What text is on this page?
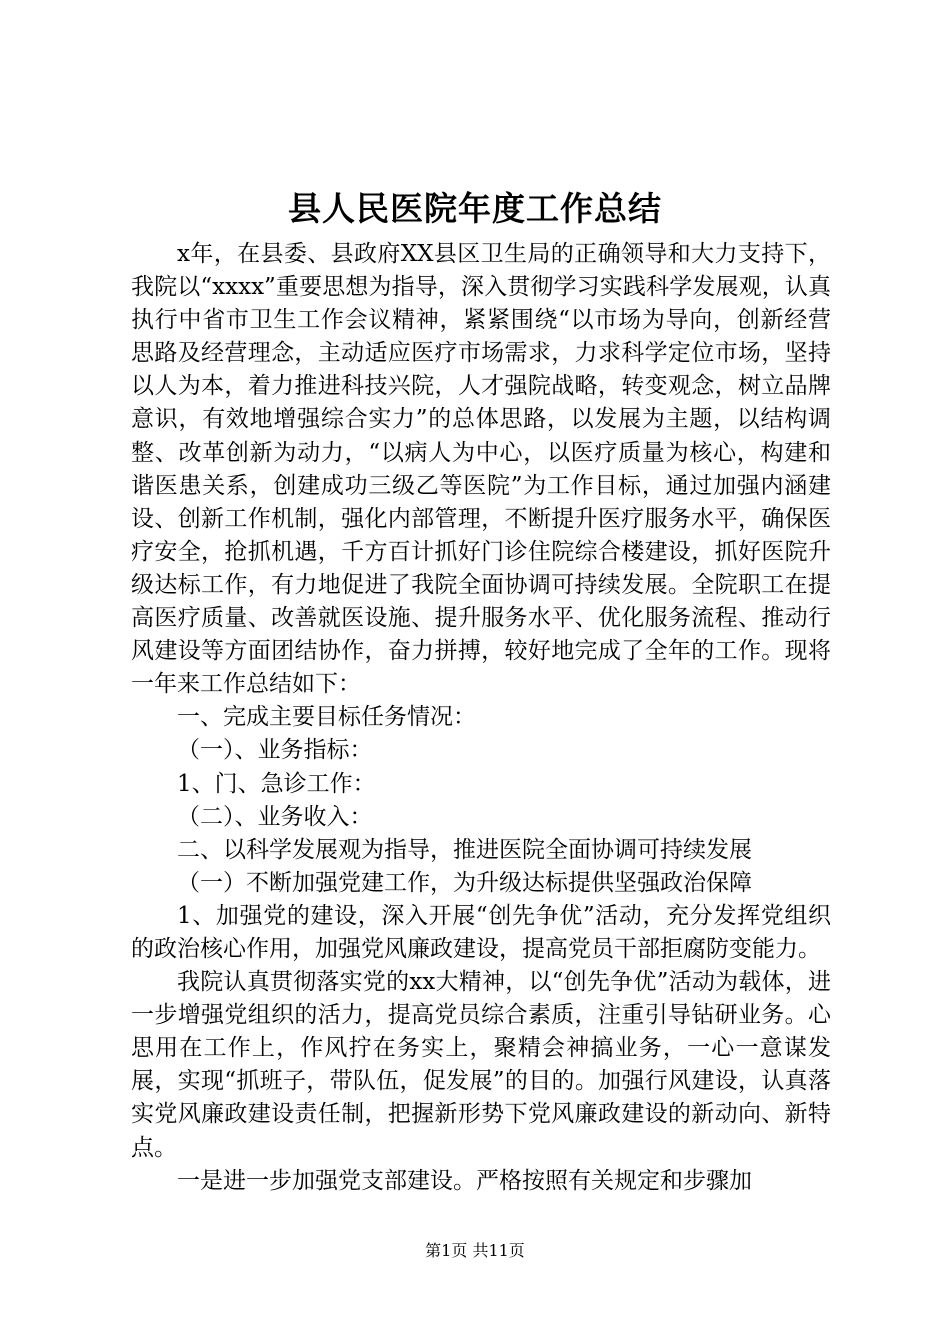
县人民医院年度工作总结

x年，在县委、县政府XX县区卫生局的正确领导和大力支持下，我院以“xxxx”重要思想为指导，深入贯彻学习实践科学发展观，认真执行中省市卫生工作会议精神，紧紧围绕“以市场为导向，创新经营思路及经营理念，主动适应医疗市场需求，力求科学定位市场，坚持以人为本，着力推进科技兴院，人才强院战略，转变观念，树立品牌意识，有效地增强综合实力”的总体思路，以发展为主题，以结构调整、改革创新为动力，“以病人为中心，以医疗质量为核心，构建和谐医患关系，创建成功三级乙等医院”为工作目标，通过加强内涵建设、创新工作机制，强化内部管理，不断提升医疗服务水平，确保医疗安全，抢抓机遇，千方百计抓好门诊住院综合楼建设，抓好医院升级达标工作，有力地促进了我院全面协调可持续发展。全院职工在提高医疗质量、改善就医设施、提升服务水平、优化服务流程、推动行风建设等方面团结协作，奋力拼搏，较好地完成了全年的工作。现将一年来工作总结如下：

一、完成主要目标任务情况：

（一）、业务指标：

1、门、急诊工作：

（二）、业务收入：

二、以科学发展观为指导，推进医院全面协调可持续发展

（一）不断加强党建工作，为升级达标提供坚强政治保障

1、加强党的建设，深入开展“创先争优”活动，充分发挥党组织的政治核心作用，加强党风廉政建设，提高党员干部拒腐防变能力。

我院认真贯彻落实党的xx大精神，以“创先争优”活动为载体，进一步增强党组织的活力，提高党员综合素质，注重引导钻研业务。心思用在工作上，作风拧在务实上，聚精会神搞业务，一心一意谋发展，实现“抓班子，带队伍，促发展”的目的。加强行风建设，认真落实党风廉政建设责任制，把握新形势下党风廉政建设的新动向、新特点。

一是进一步加强党支部建设。严格按照有关规定和步骤加

第1页 共11页
